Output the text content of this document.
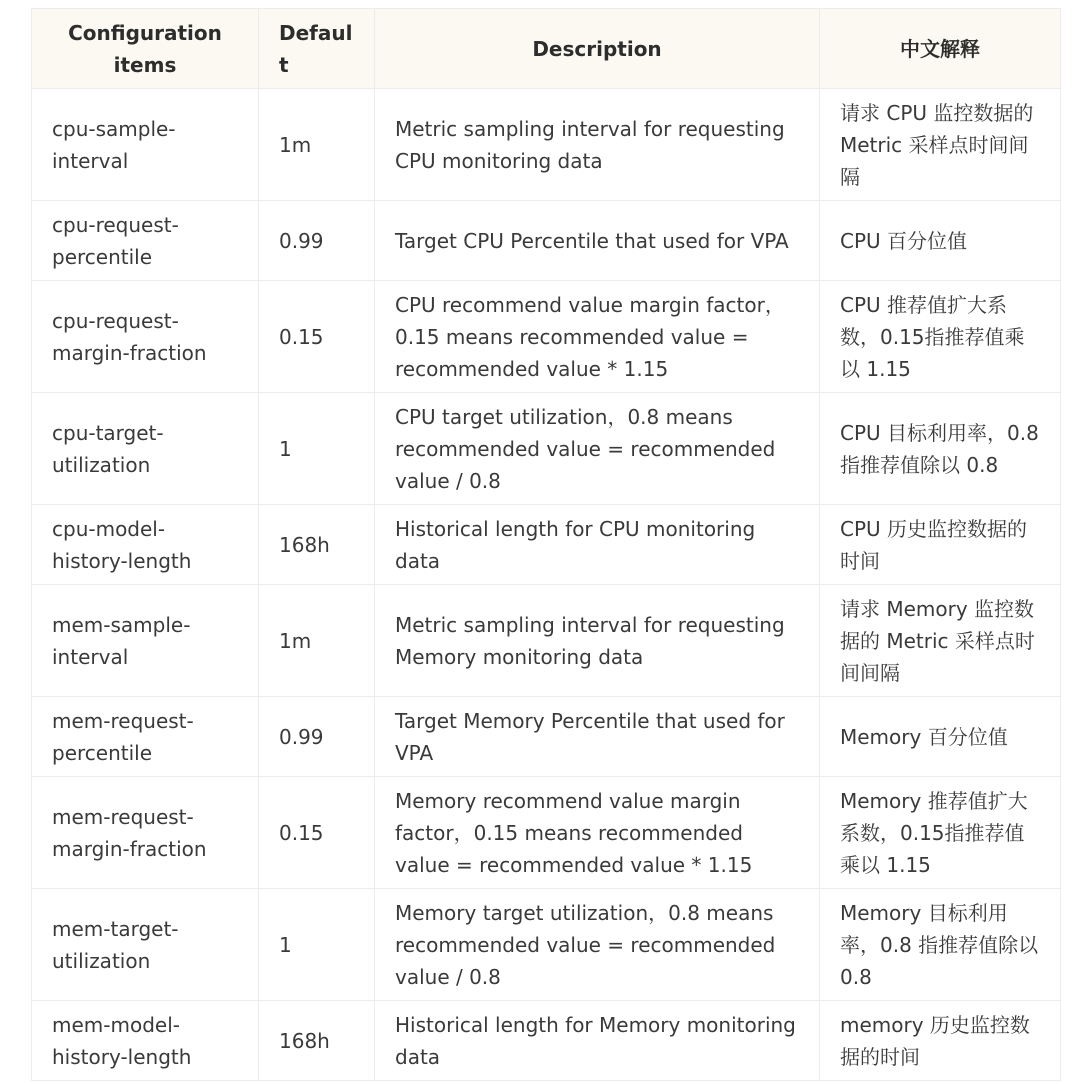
Configuration items	Default	Description	中文解释
cpu-sample-interval	1m	Metric sampling interval for requesting CPU monitoring data	请求 CPU 监控数据的 Metric 采样点时间间隔
cpu-request-percentile	0.99	Target CPU Percentile that used for VPA	CPU 百分位值
cpu-request-margin-fraction	0.15	CPU recommend value margin factor，0.15 means recommended value = recommended value * 1.15	CPU 推荐值扩大系数，0.15指推荐值乘以 1.15
cpu-target-utilization	1	CPU target utilization，0.8 means recommended value = recommended value / 0.8	CPU 目标利用率，0.8 指推荐值除以 0.8
cpu-model-history-length	168h	Historical length for CPU monitoring data	CPU 历史监控数据的时间
mem-sample-interval	1m	Metric sampling interval for requesting Memory monitoring data	请求 Memory 监控数据的 Metric 采样点时间间隔
mem-request-percentile	0.99	Target Memory Percentile that used for VPA	Memory 百分位值
mem-request-margin-fraction	0.15	Memory recommend value margin factor，0.15 means recommended value = recommended value * 1.15	Memory 推荐值扩大系数，0.15指推荐值乘以 1.15
mem-target-utilization	1	Memory target utilization，0.8 means recommended value = recommended value / 0.8	Memory 目标利用率，0.8 指推荐值除以 0.8
mem-model-history-length	168h	Historical length for Memory monitoring data	memory 历史监控数据的时间
